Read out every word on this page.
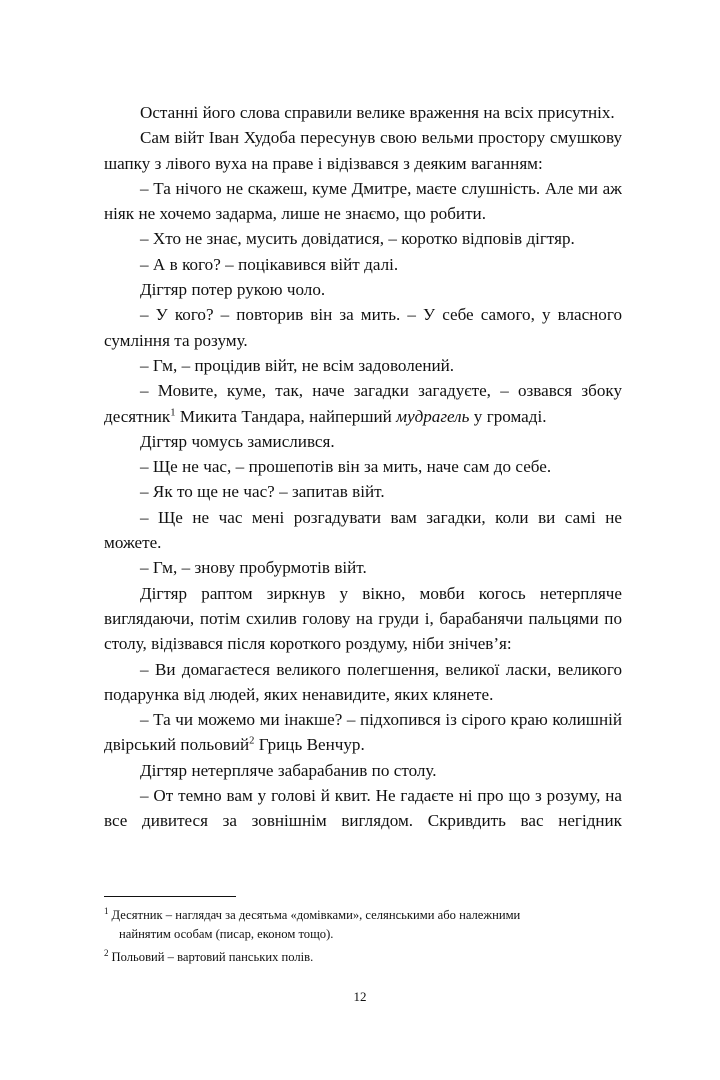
Останні його слова справили велике враження на всіх присутніх.

Сам війт Іван Худоба пересунув свою вельми простору смушкову шапку з лівого вуха на праве і відізвався з деяким ваганням:

– Та нічого не скажеш, куме Дмитре, маєте слушність. Але ми аж ніяк не хочемо задарма, лише не знаємо, що робити.

– Хто не знає, мусить довідатися, – коротко відповів дігтяр.

– А в кого? – поцікавився війт далі.

Дігтяр потер рукою чоло.

– У кого? – повторив він за мить. – У себе самого, у власного сумління та розуму.

– Гм, – процідив війт, не всім задоволений.

– Мовите, куме, так, наче загадки загадуєте, – озвався збоку десятник$^1$ Микита Тандара, найперший мудрагель у громаді.

Дігтяр чомусь замислився.

– Ще не час, – прошепотів він за мить, наче сам до себе.

– Як то ще не час? – запитав війт.

– Ще не час мені розгадувати вам загадки, коли ви самі не можете.

– Гм, – знову пробурмотів війт.

Дігтяр раптом зиркнув у вікно, мовби когось нетерпляче виглядаючи, потім схилив голову на груди і, барабанячи пальцями по столу, відізвався після короткого роздуму, ніби знічев’я:

– Ви домагаєтеся великого полегшення, великої ласки, великого подарунка від людей, яких ненавидите, яких клянете.

– Та чи можемо ми інакше? – підхопився із сірого краю колишній двірський польовий$^2$ Гриць Венчур.

Дігтяр нетерпляче забарабанив по столу.

– От темно вам у голові й квит. Не гадаєте ні про що з розуму, на все дивитеся за зовнішнім виглядом. Скривдить вас негідник

$^1$ Десятник – наглядач за десятьма «домівками», селянськими або належними найнятим особам (писар, економ тощо).

$^2$ Польовий – вартовий панських полів.

12
